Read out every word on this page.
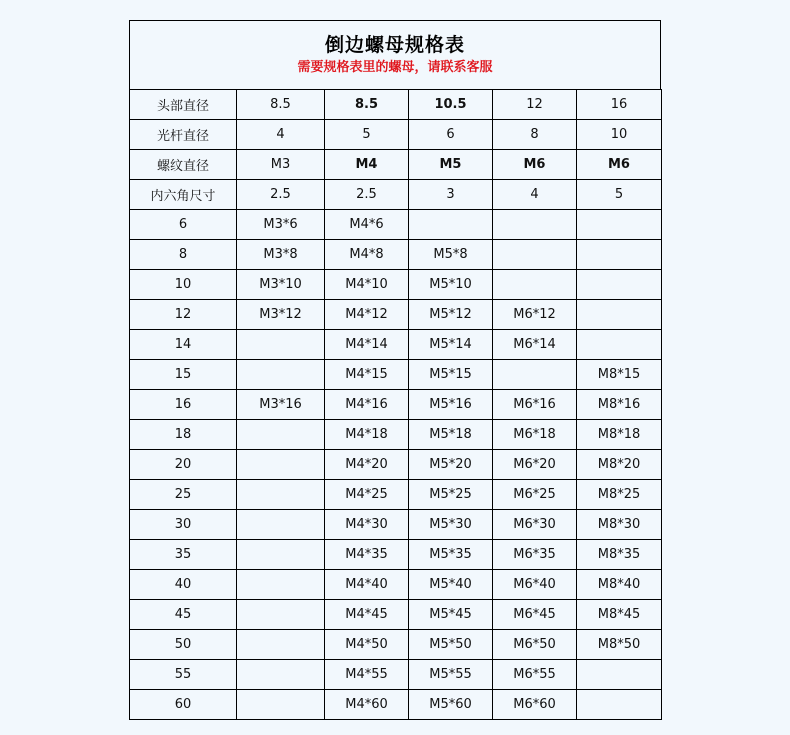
倒边螺母规格表
需要规格表里的螺母，请联系客服
头部直径	8.5	8.5	10.5	12	16
光杆直径	4	5	6	8	10
螺纹直径	M3	M4	M5	M6	M6
内六角尺寸	2.5	2.5	3	4	5
6	M3*6	M4*6			
8	M3*8	M4*8	M5*8		
10	M3*10	M4*10	M5*10		
12	M3*12	M4*12	M5*12	M6*12	
14		M4*14	M5*14	M6*14	
15		M4*15	M5*15		M8*15
16	M3*16	M4*16	M5*16	M6*16	M8*16
18		M4*18	M5*18	M6*18	M8*18
20		M4*20	M5*20	M6*20	M8*20
25		M4*25	M5*25	M6*25	M8*25
30		M4*30	M5*30	M6*30	M8*30
35		M4*35	M5*35	M6*35	M8*35
40		M4*40	M5*40	M6*40	M8*40
45		M4*45	M5*45	M6*45	M8*45
50		M4*50	M5*50	M6*50	M8*50
55		M4*55	M5*55	M6*55	
60		M4*60	M5*60	M6*60	
